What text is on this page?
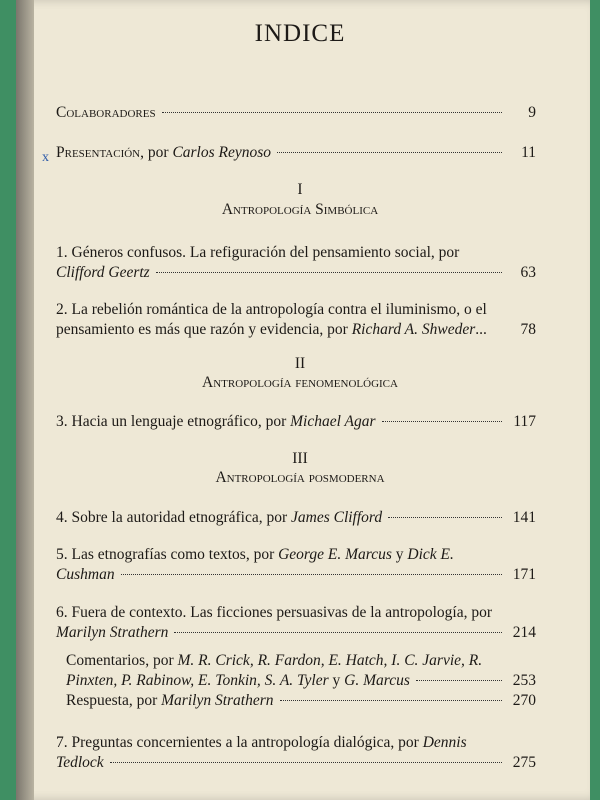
INDICE
Colaboradores	9
x Presentación, por Carlos Reynoso	11
I
Antropología Simbólica
1. Géneros confusos. La refiguración del pensamiento social, por
Clifford Geertz	63
2. La rebelión romántica de la antropología contra el iluminismo, o el
pensamiento es más que razón y evidencia, por Richard A. Shweder...	78
II
Antropología fenomenológica
3. Hacia un lenguaje etnográfico, por Michael Agar	117
III
Antropología posmoderna
4. Sobre la autoridad etnográfica, por James Clifford	141
5. Las etnografías como textos, por George E. Marcus y Dick E.
Cushman	171
6. Fuera de contexto. Las ficciones persuasivas de la antropología, por
Marilyn Strathern	214
Comentarios, por M. R. Crick, R. Fardon, E. Hatch, I. C. Jarvie, R.
Pinxten, P. Rabinow, E. Tonkin, S. A. Tyler y G. Marcus	253
Respuesta, por Marilyn Strathern	270
7. Preguntas concernientes a la antropología dialógica, por Dennis
Tedlock	275
